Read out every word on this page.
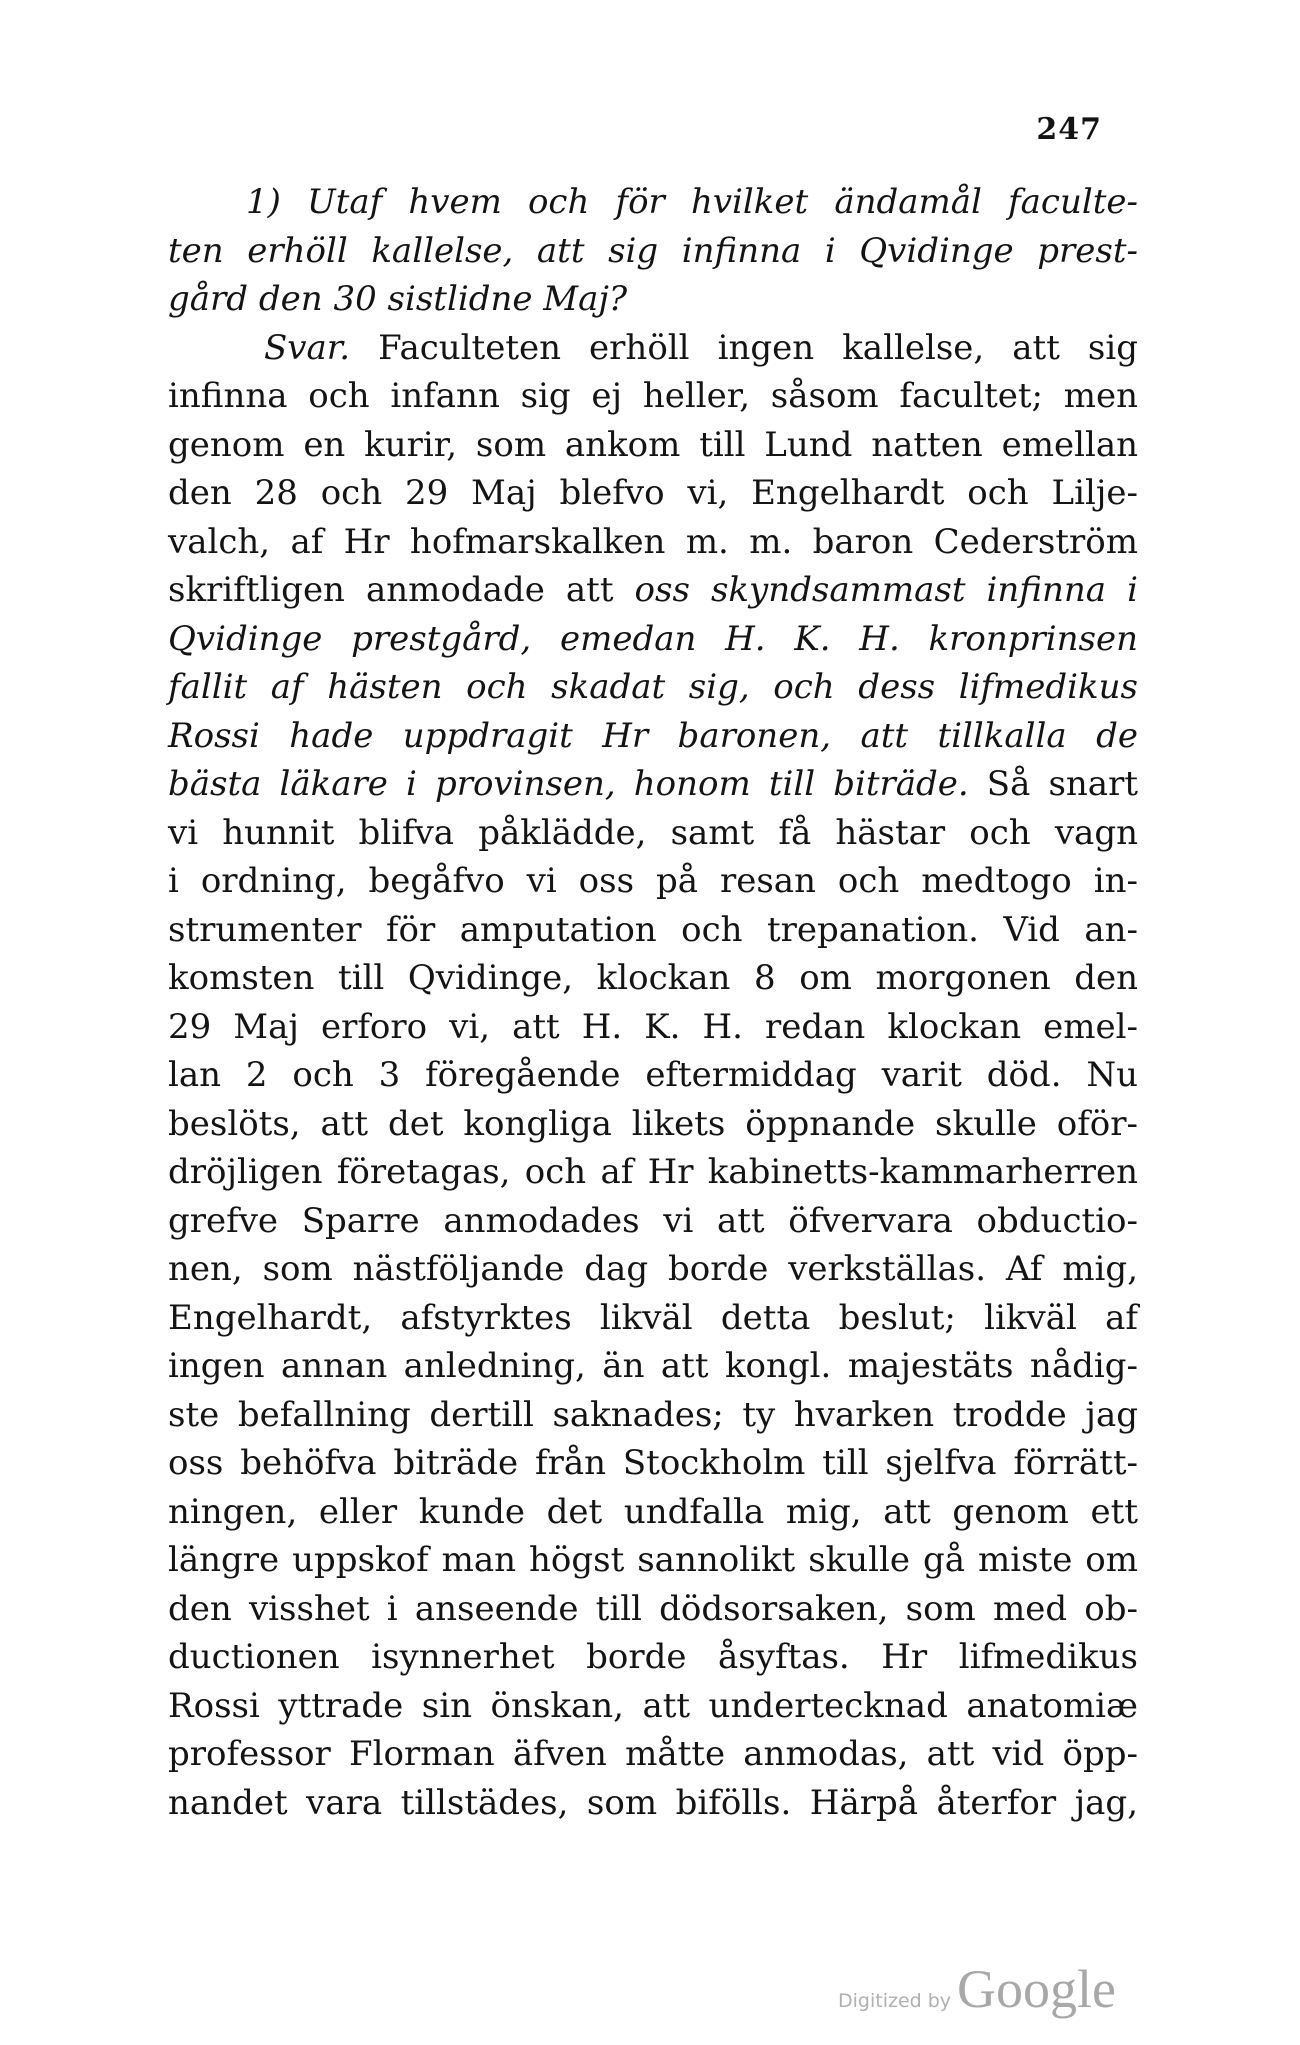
247
1) Utaf hvem och för hvilket ändamål faculte-
ten erhöll kallelse, att sig infinna i Qvidinge prest-
gård den 30 sistlidne Maj?
Svar. Faculteten erhöll ingen kallelse, att sig
infinna och infann sig ej heller, såsom facultet; men
genom en kurir, som ankom till Lund natten emellan
den 28 och 29 Maj blefvo vi, Engelhardt och Lilje-
valch, af Hr hofmarskalken m. m. baron Cederström
skriftligen anmodade att oss skyndsammast infinna i
Qvidinge prestgård, emedan H. K. H. kronprinsen
fallit af hästen och skadat sig, och dess lifmedikus
Rossi hade uppdragit Hr baronen, att tillkalla de
bästa läkare i provinsen, honom till biträde. Så snart
vi hunnit blifva påklädde, samt få hästar och vagn
i ordning, begåfvo vi oss på resan och medtogo in-
strumenter för amputation och trepanation. Vid an-
komsten till Qvidinge, klockan 8 om morgonen den
29 Maj erforo vi, att H. K. H. redan klockan emel-
lan 2 och 3 föregående eftermiddag varit död. Nu
beslöts, att det kongliga likets öppnande skulle oför-
dröjligen företagas, och af Hr kabinetts-kammarherren
grefve Sparre anmodades vi att öfvervara obductio-
nen, som nästföljande dag borde verkställas. Af mig,
Engelhardt, afstyrktes likväl detta beslut; likväl af
ingen annan anledning, än att kongl. majestäts nådig-
ste befallning dertill saknades; ty hvarken trodde jag
oss behöfva biträde från Stockholm till sjelfva förrätt-
ningen, eller kunde det undfalla mig, att genom ett
längre uppskof man högst sannolikt skulle gå miste om
den visshet i anseende till dödsorsaken, som med ob-
ductionen isynnerhet borde åsyftas. Hr lifmedikus
Rossi yttrade sin önskan, att undertecknad anatomiæ
professor Florman äfven måtte anmodas, att vid öpp-
nandet vara tillstädes, som bifölls. Härpå återfor jag,
Digitized by Google
